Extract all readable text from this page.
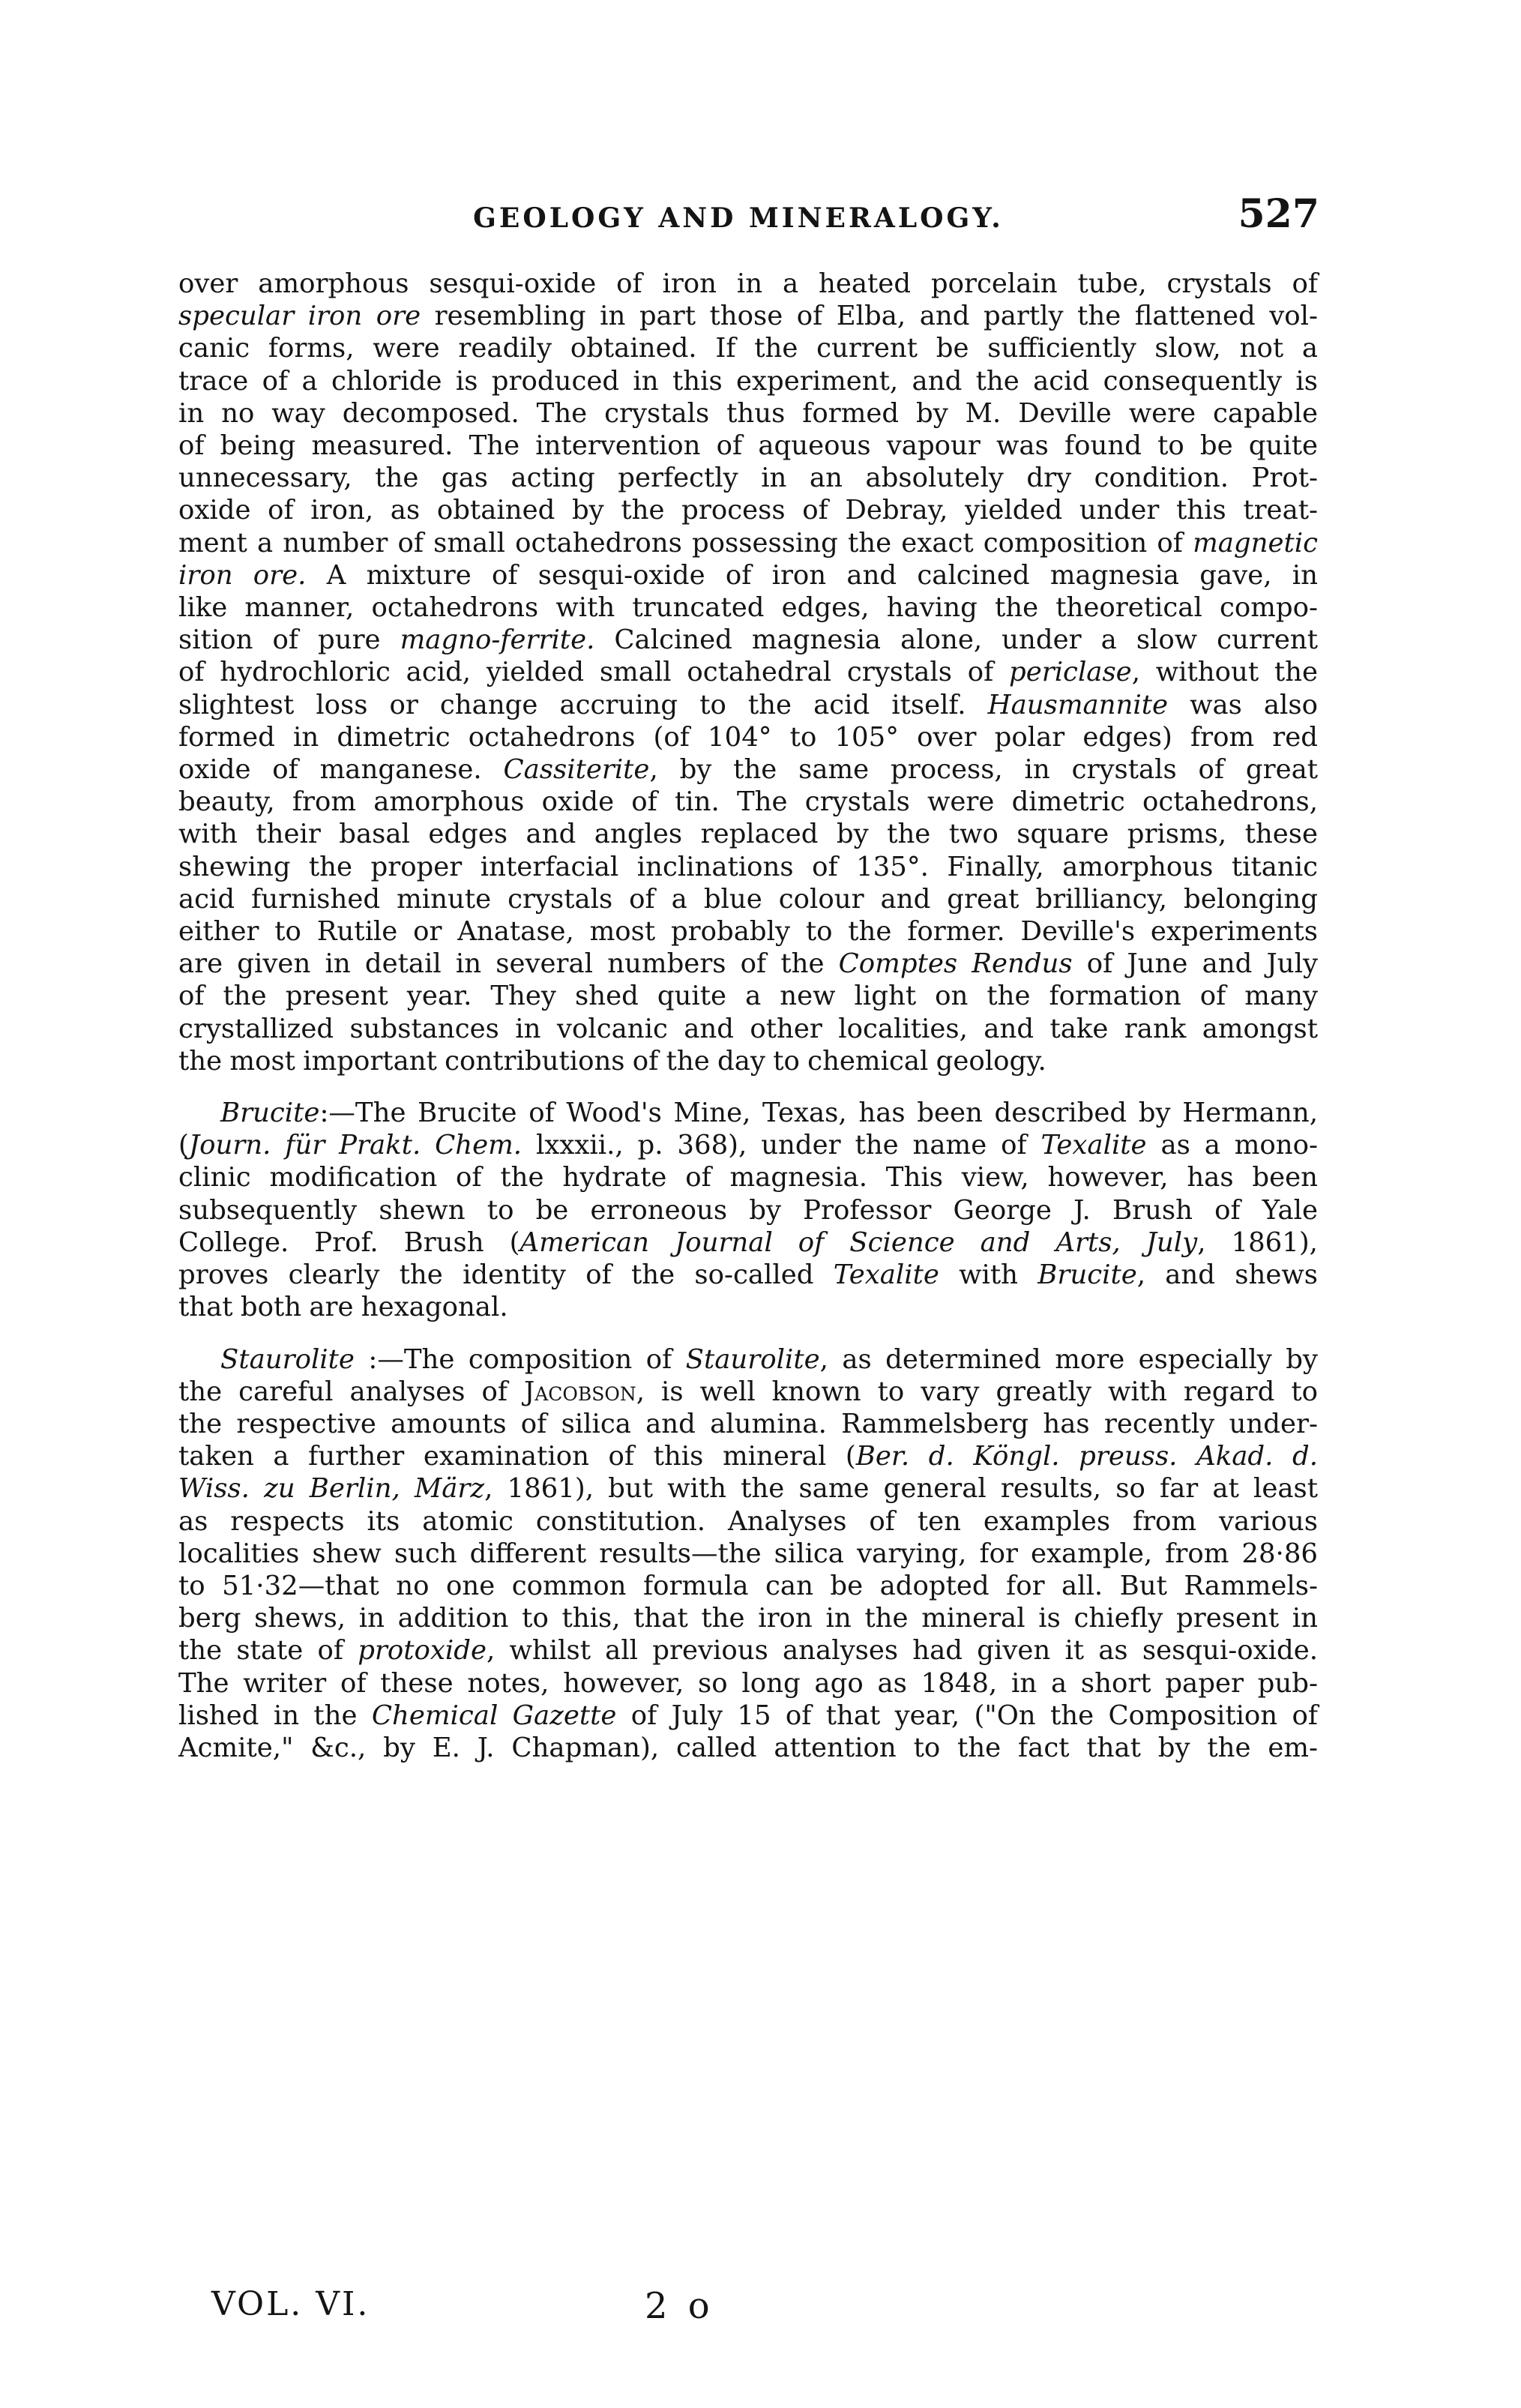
GEOLOGY AND MINERALOGY.	527
over amorphous sesqui-oxide of iron in a heated porcelain tube, crystals of
specular iron ore resembling in part those of Elba, and partly the flattened vol-
canic forms, were readily obtained. If the current be sufficiently slow, not a
trace of a chloride is produced in this experiment, and the acid consequently is
in no way decomposed. The crystals thus formed by M. Deville were capable
of being measured. The intervention of aqueous vapour was found to be quite
unnecessary, the gas acting perfectly in an absolutely dry condition. Prot-
oxide of iron, as obtained by the process of Debray, yielded under this treat-
ment a number of small octahedrons possessing the exact composition of magnetic
iron ore. A mixture of sesqui-oxide of iron and calcined magnesia gave, in
like manner, octahedrons with truncated edges, having the theoretical compo-
sition of pure magno-ferrite. Calcined magnesia alone, under a slow current
of hydrochloric acid, yielded small octahedral crystals of periclase, without the
slightest loss or change accruing to the acid itself. Hausmannite was also
formed in dimetric octahedrons (of 104° to 105° over polar edges) from red
oxide of manganese. Cassiterite, by the same process, in crystals of great
beauty, from amorphous oxide of tin. The crystals were dimetric octahedrons,
with their basal edges and angles replaced by the two square prisms, these
shewing the proper interfacial inclinations of 135°. Finally, amorphous titanic
acid furnished minute crystals of a blue colour and great brilliancy, belonging
either to Rutile or Anatase, most probably to the former. Deville's experiments
are given in detail in several numbers of the Comptes Rendus of June and July
of the present year. They shed quite a new light on the formation of many
crystallized substances in volcanic and other localities, and take rank amongst
the most important contributions of the day to chemical geology.
Brucite:—The Brucite of Wood's Mine, Texas, has been described by Hermann,
(Journ. für Prakt. Chem. lxxxii., p. 368), under the name of Texalite as a mono-
clinic modification of the hydrate of magnesia. This view, however, has been
subsequently shewn to be erroneous by Professor George J. Brush of Yale
College. Prof. Brush (American Journal of Science and Arts, July, 1861),
proves clearly the identity of the so-called Texalite with Brucite, and shews
that both are hexagonal.
Staurolite :—The composition of Staurolite, as determined more especially by
the careful analyses of Jacobson, is well known to vary greatly with regard to
the respective amounts of silica and alumina. Rammelsberg has recently under-
taken a further examination of this mineral (Ber. d. Köngl. preuss. Akad. d.
Wiss. zu Berlin, März, 1861), but with the same general results, so far at least
as respects its atomic constitution. Analyses of ten examples from various
localities shew such different results—the silica varying, for example, from 28·86
to 51·32—that no one common formula can be adopted for all. But Rammels-
berg shews, in addition to this, that the iron in the mineral is chiefly present in
the state of protoxide, whilst all previous analyses had given it as sesqui-oxide.
The writer of these notes, however, so long ago as 1848, in a short paper pub-
lished in the Chemical Gazette of July 15 of that year, ("On the Composition of
Acmite," &c., by E. J. Chapman), called attention to the fact that by the em-
VOL. VI.	2 o
